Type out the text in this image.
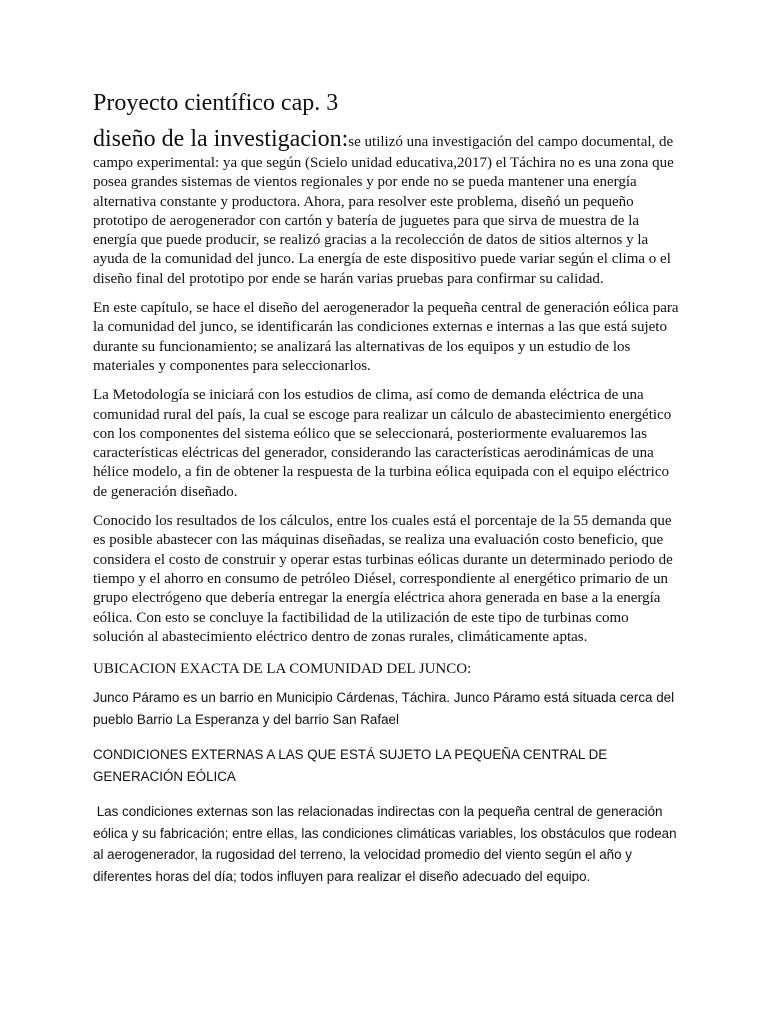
Proyecto científico cap. 3

diseño de la investigacion:se utilizó una investigación del campo documental, de campo experimental: ya que según (Scielo unidad educativa,2017) el Táchira no es una zona que posea grandes sistemas de vientos regionales y por ende no se pueda mantener una energía alternativa constante y productora. Ahora, para resolver este problema, diseñó un pequeño prototipo de aerogenerador con cartón y batería de juguetes para que sirva de muestra de la energía que puede producir, se realizó gracias a la recolección de datos de sitios alternos y la ayuda de la comunidad del junco. La energía de este dispositivo puede variar según el clima o el diseño final del prototipo por ende se harán varias pruebas para confirmar su calidad.

En este capítulo, se hace el diseño del aerogenerador la pequeña central de generación eólica para la comunidad del junco, se identificarán las condiciones externas e internas a las que está sujeto durante su funcionamiento; se analizará las alternativas de los equipos y un estudio de los materiales y componentes para seleccionarlos.

La Metodología se iniciará con los estudios de clima, así como de demanda eléctrica de una comunidad rural del país, la cual se escoge para realizar un cálculo de abastecimiento energético con los componentes del sistema eólico que se seleccionará, posteriormente evaluaremos las características eléctricas del generador, considerando las características aerodinámicas de una hélice modelo, a fin de obtener la respuesta de la turbina eólica equipada con el equipo eléctrico de generación diseñado.

Conocido los resultados de los cálculos, entre los cuales está el porcentaje de la 55 demanda que es posible abastecer con las máquinas diseñadas, se realiza una evaluación costo beneficio, que considera el costo de construir y operar estas turbinas eólicas durante un determinado periodo de tiempo y el ahorro en consumo de petróleo Diésel, correspondiente al energético primario de un grupo electrógeno que debería entregar la energía eléctrica ahora generada en base a la energía eólica. Con esto se concluye la factibilidad de la utilización de este tipo de turbinas como solución al abastecimiento eléctrico dentro de zonas rurales, climáticamente aptas.

UBICACION EXACTA DE LA COMUNIDAD DEL JUNCO:

Junco Páramo es un barrio en Municipio Cárdenas, Táchira. Junco Páramo está situada cerca del pueblo Barrio La Esperanza y del barrio San Rafael

CONDICIONES EXTERNAS A LAS QUE ESTÁ SUJETO LA PEQUEÑA CENTRAL DE GENERACIÓN EÓLICA

Las condiciones externas son las relacionadas indirectas con la pequeña central de generación eólica y su fabricación; entre ellas, las condiciones climáticas variables, los obstáculos que rodean al aerogenerador, la rugosidad del terreno, la velocidad promedio del viento según el año y diferentes horas del día; todos influyen para realizar el diseño adecuado del equipo.
